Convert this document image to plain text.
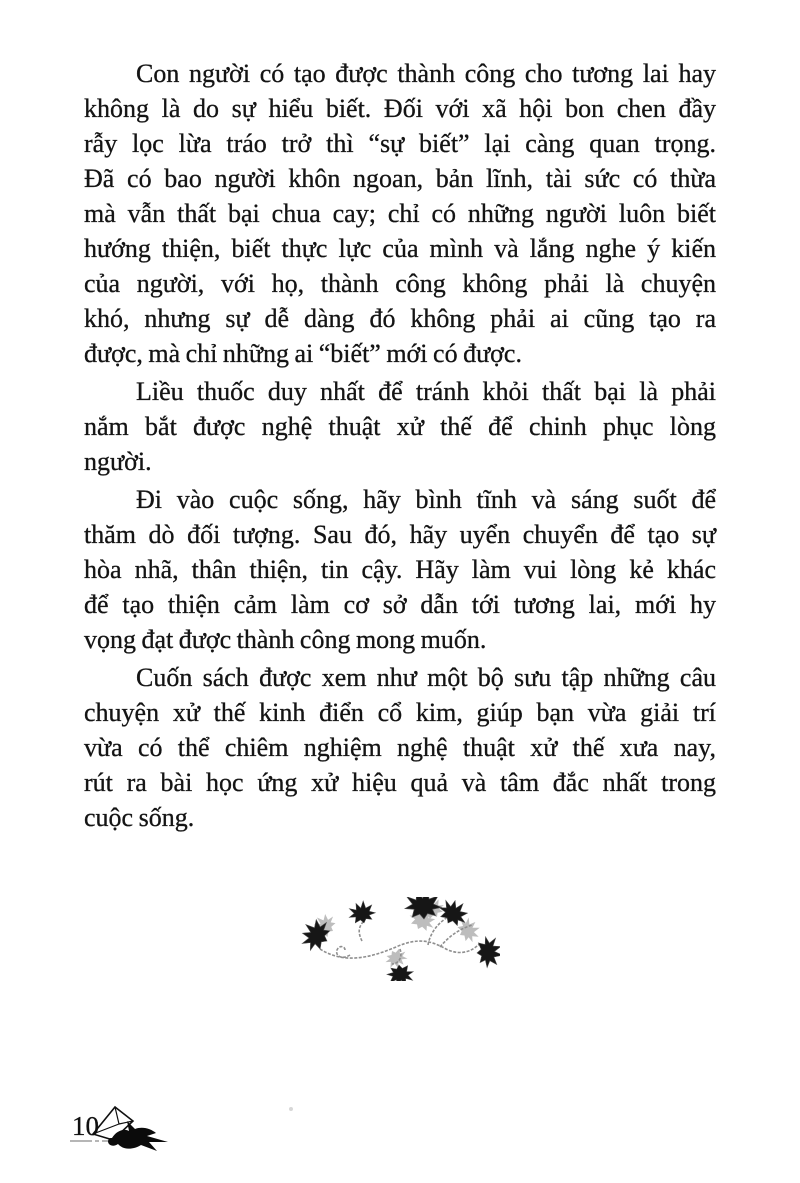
Con người có tạo được thành công cho tương lai hay
không là do sự hiểu biết. Đối với xã hội bon chen đầy
rẫy lọc lừa tráo trở thì “sự biết” lại càng quan trọng.
Đã có bao người khôn ngoan, bản lĩnh, tài sức có thừa
mà vẫn thất bại chua cay; chỉ có những người luôn biết
hướng thiện, biết thực lực của mình và lắng nghe ý kiến
của người, với họ, thành công không phải là chuyện
khó, nhưng sự dễ dàng đó không phải ai cũng tạo ra
được, mà chỉ những ai “biết” mới có được.
Liều thuốc duy nhất để tránh khỏi thất bại là phải
nắm bắt được nghệ thuật xử thế để chinh phục lòng
người.
Đi vào cuộc sống, hãy bình tĩnh và sáng suốt để
thăm dò đối tượng. Sau đó, hãy uyển chuyển để tạo sự
hòa nhã, thân thiện, tin cậy. Hãy làm vui lòng kẻ khác
để tạo thiện cảm làm cơ sở dẫn tới tương lai, mới hy
vọng đạt được thành công mong muốn.
Cuốn sách được xem như một bộ sưu tập những câu
chuyện xử thế kinh điển cổ kim, giúp bạn vừa giải trí
vừa có thể chiêm nghiệm nghệ thuật xử thế xưa nay,
rút ra bài học ứng xử hiệu quả và tâm đắc nhất trong
cuộc sống.
10
